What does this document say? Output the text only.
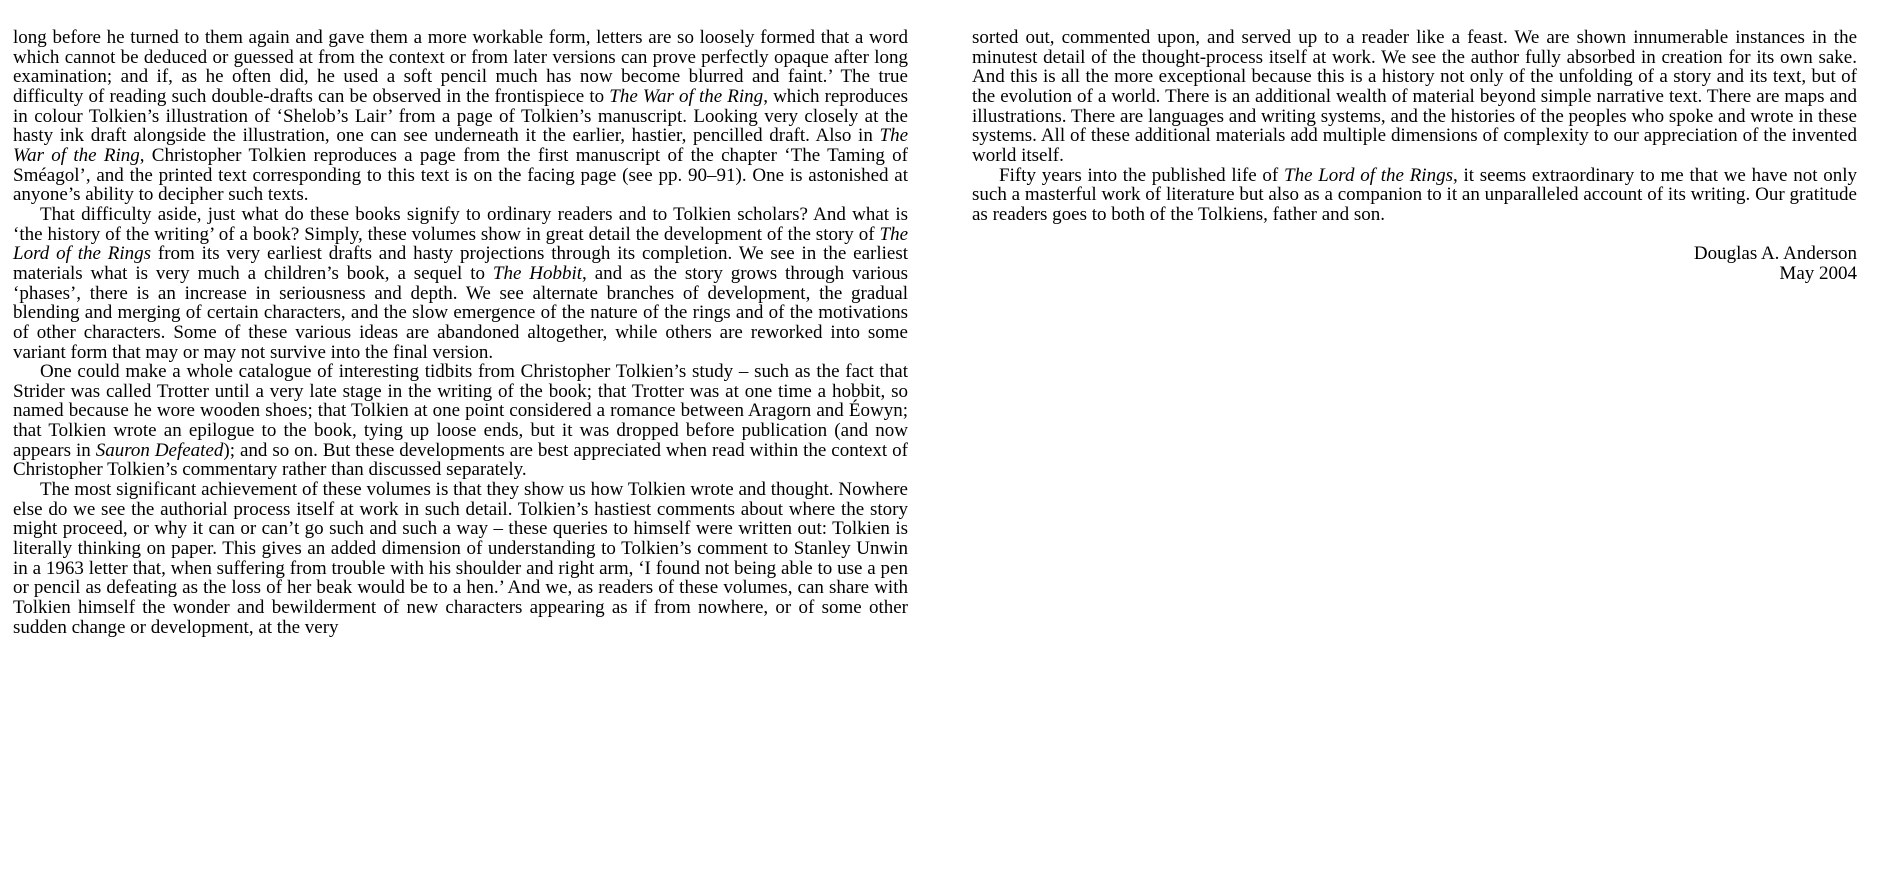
long before he turned to them again and gave them a more workable form, letters are so loosely formed that a word which cannot be deduced or guessed at from the context or from later versions can prove perfectly opaque after long examination; and if, as he often did, he used a soft pencil much has now become blurred and faint.’ The true difficulty of reading such double-drafts can be observed in the frontispiece to The War of the Ring, which reproduces in colour Tolkien’s illustration of ‘Shelob’s Lair’ from a page of Tolkien’s manuscript. Looking very closely at the hasty ink draft alongside the illustration, one can see underneath it the earlier, hastier, pencilled draft. Also in The War of the Ring, Christopher Tolkien reproduces a page from the first manuscript of the chapter ‘The Taming of Sméagol’, and the printed text corresponding to this text is on the facing page (see pp. 90–91). One is astonished at anyone’s ability to decipher such texts.

That difficulty aside, just what do these books signify to ordinary readers and to Tolkien scholars? And what is ‘the history of the writing’ of a book? Simply, these volumes show in great detail the development of the story of The Lord of the Rings from its very earliest drafts and hasty projections through its completion. We see in the earliest materials what is very much a children’s book, a sequel to The Hobbit, and as the story grows through various ‘phases’, there is an increase in seriousness and depth. We see alternate branches of development, the gradual blending and merging of certain characters, and the slow emergence of the nature of the rings and of the motivations of other characters. Some of these various ideas are abandoned altogether, while others are reworked into some variant form that may or may not survive into the final version.

One could make a whole catalogue of interesting tidbits from Christopher Tolkien’s study – such as the fact that Strider was called Trotter until a very late stage in the writing of the book; that Trotter was at one time a hobbit, so named because he wore wooden shoes; that Tolkien at one point considered a romance between Aragorn and Éowyn; that Tolkien wrote an epilogue to the book, tying up loose ends, but it was dropped before publication (and now appears in Sauron Defeated); and so on. But these developments are best appreciated when read within the context of Christopher Tolkien’s commentary rather than discussed separately.

The most significant achievement of these volumes is that they show us how Tolkien wrote and thought. Nowhere else do we see the authorial process itself at work in such detail. Tolkien’s hastiest comments about where the story might proceed, or why it can or can’t go such and such a way – these queries to himself were written out: Tolkien is literally thinking on paper. This gives an added dimension of understanding to Tolkien’s comment to Stanley Unwin in a 1963 letter that, when suffering from trouble with his shoulder and right arm, ‘I found not being able to use a pen or pencil as defeating as the loss of her beak would be to a hen.’ And we, as readers of these volumes, can share with Tolkien himself the wonder and bewilderment of new characters appearing as if from nowhere, or of some other sudden change or development, at the very

sorted out, commented upon, and served up to a reader like a feast. We are shown innumerable instances in the minutest detail of the thought-process itself at work. We see the author fully absorbed in creation for its own sake. And this is all the more exceptional because this is a history not only of the unfolding of a story and its text, but of the evolution of a world. There is an additional wealth of material beyond simple narrative text. There are maps and illustrations. There are languages and writing systems, and the histories of the peoples who spoke and wrote in these systems. All of these additional materials add multiple dimensions of complexity to our appreciation of the invented world itself.

Fifty years into the published life of The Lord of the Rings, it seems extraordinary to me that we have not only such a masterful work of literature but also as a companion to it an unparalleled account of its writing. Our gratitude as readers goes to both of the Tolkiens, father and son.

Douglas A. Anderson
May 2004
